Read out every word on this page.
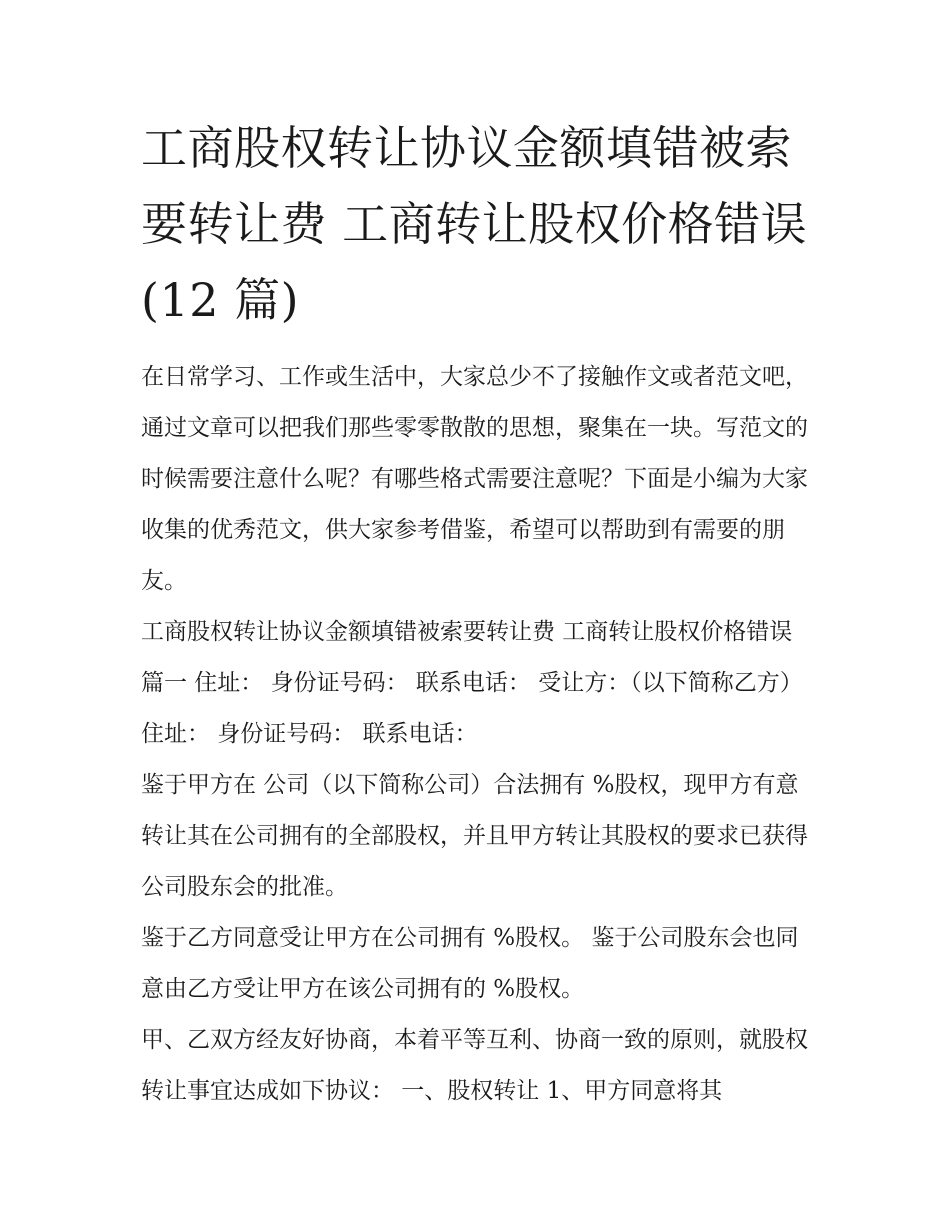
工商股权转让协议金额填错被索要转让费 工商转让股权价格错误(12 篇)

在日常学习、工作或生活中，大家总少不了接触作文或者范文吧，通过文章可以把我们那些零零散散的思想，聚集在一块。写范文的时候需要注意什么呢？有哪些格式需要注意呢？下面是小编为大家收集的优秀范文，供大家参考借鉴，希望可以帮助到有需要的朋友。

工商股权转让协议金额填错被索要转让费 工商转让股权价格错误篇一 住址： 身份证号码： 联系电话： 受让方：（以下简称乙方） 住址： 身份证号码： 联系电话：

鉴于甲方在 公司（以下简称公司）合法拥有 %股权，现甲方有意转让其在公司拥有的全部股权，并且甲方转让其股权的要求已获得公司股东会的批准。

鉴于乙方同意受让甲方在公司拥有 %股权。 鉴于公司股东会也同意由乙方受让甲方在该公司拥有的 %股权。

甲、乙双方经友好协商，本着平等互利、协商一致的原则，就股权转让事宜达成如下协议： 一、股权转让 1、甲方同意将其
